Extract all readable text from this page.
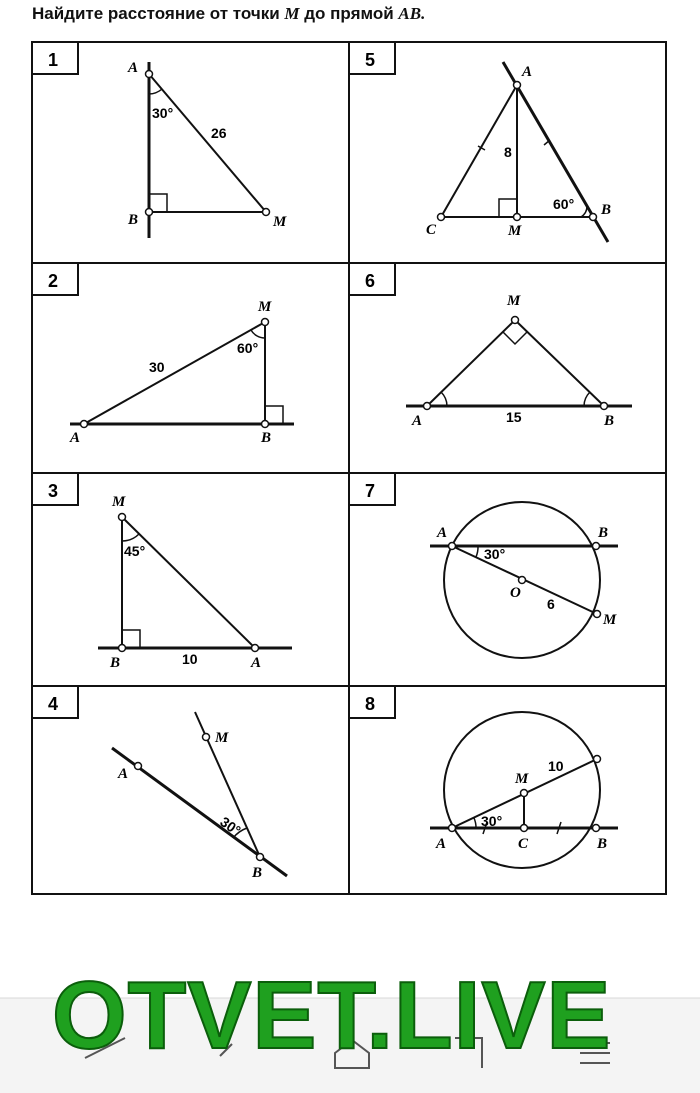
Найдите расстояние от точки M до прямой AB.
1	5
2	6
3	7
4	8
A
B	M
30°
26
A
C	M
B
8
60°
A	B
M
30
60°
A	B
M
15
M
B	A
10
45°
A	B
O
M
30°
6
A
M
B
30°
A	C	B
M
10
30°
OTVET.LIVE
